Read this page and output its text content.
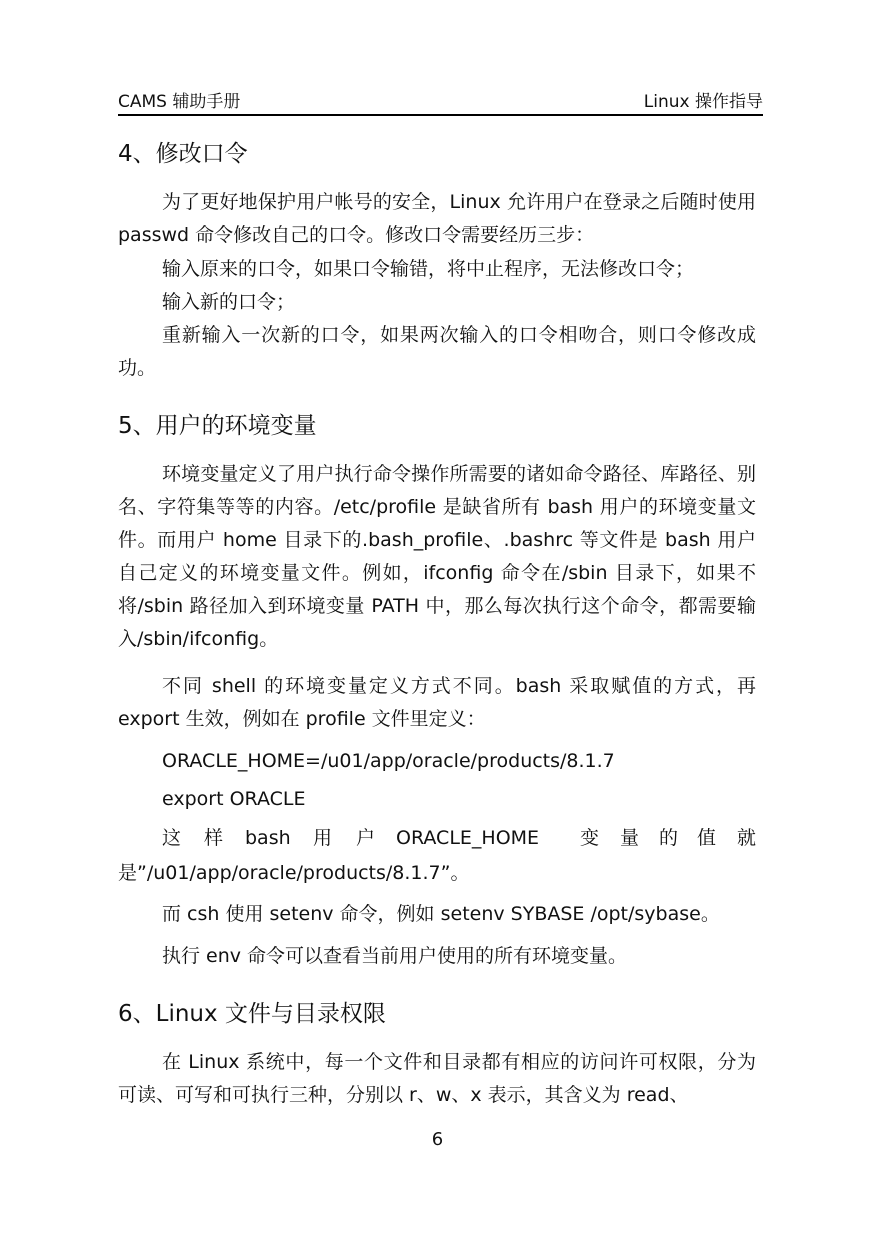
CAMS 辅助手册	Linux 操作指导
4、修改口令

为了更好地保护用户帐号的安全，Linux 允许用户在登录之后随时使用 passwd 命令修改自己的口令。修改口令需要经历三步：

输入原来的口令，如果口令输错，将中止程序，无法修改口令；

输入新的口令；

重新输入一次新的口令，如果两次输入的口令相吻合，则口令修改成功。

5、用户的环境变量

环境变量定义了用户执行命令操作所需要的诸如命令路径、库路径、别名、字符集等等的内容。/etc/profile 是缺省所有 bash 用户的环境变量文件。而用户 home 目录下的.bash_profile、.bashrc 等文件是 bash 用户自己定义的环境变量文件。例如，ifconfig 命令在/sbin 目录下，如果不将/sbin 路径加入到环境变量 PATH 中，那么每次执行这个命令，都需要输入/sbin/ifconfig。

不同 shell 的环境变量定义方式不同。bash 采取赋值的方式，再 export 生效，例如在 profile 文件里定义：

ORACLE_HOME=/u01/app/oracle/products/8.1.7
export ORACLE
这 样 bash 用 户 ORACLE_HOME 变 量 的 值 就
是”/u01/app/oracle/products/8.1.7”。
而 csh 使用 setenv 命令，例如 setenv SYBASE /opt/sybase。
执行 env 命令可以查看当前用户使用的所有环境变量。
6、Linux 文件与目录权限

在 Linux 系统中，每一个文件和目录都有相应的访问许可权限，分为可读、可写和可执行三种，分别以 r、w、x 表示，其含义为 read、

6
